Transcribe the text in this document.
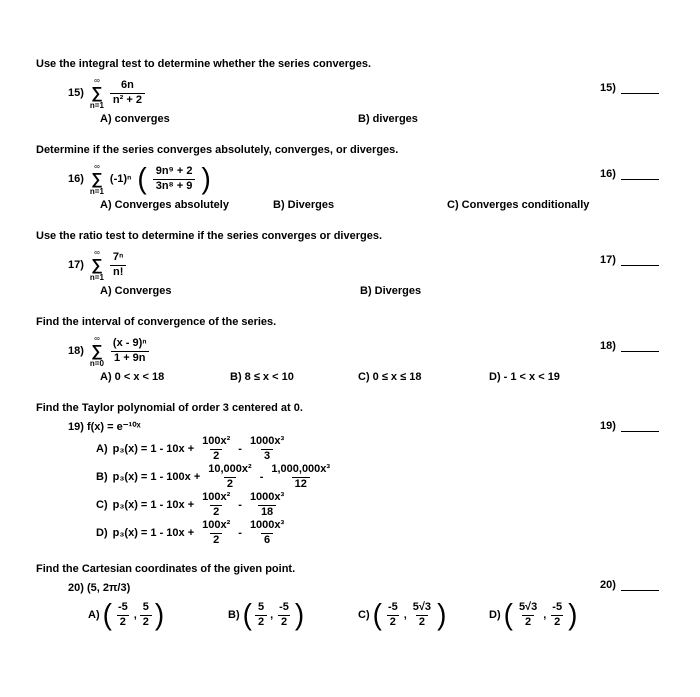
Use the integral test to determine whether the series converges.
15)
∞
∑
$n=1 \frac{6n}{\text{n² + 2}}$
A) converges	B) diverges
15)
Determine if the series converges absolutely, converges, or diverges.
16)
∞
∑
n=1
(-1)ⁿ ( $\frac{\text{9n⁹ + 2}}{\text{3n⁸ + 9}}$ )
A) Converges absolutely	B) Diverges	C) Converges conditionally
16)
Use the ratio test to determine if the series converges or diverges.
17)
∞
∑
$n=1 \frac{\text{7ⁿ}}{n!}$
A) Converges	B) Diverges
17)
Find the interval of convergence of the series.
18)
∞
∑
$n=0 \frac{\text{(x - 9)ⁿ}}{1 + 9n}$
A) 0 < x < 18	B) 8 ≤ x < 10	C) 0 ≤ x ≤ 18	D) - 1 < x < 19
18)
Find the Taylor polynomial of order 3 centered at 0.
19) f(x) = e⁻¹⁰ˣ
A) $p_3(x) = 1 - 10x + \frac{\text{100x²}}{2} - \frac{\text{1000x³}}{3}$
B) $p_3(x) = 1 - 100x + \frac{\text{10,000x²}}{2} - \frac{\text{1,000,000x³}}{12}$
C) $p_3(x) = 1 - 10x + \frac{\text{100x²}}{2} - \frac{\text{1000x³}}{18}$
D) $p_3(x) = 1 - 10x + \frac{\text{100x²}}{2} - \frac{\text{1000x³}}{6}$
19)
Find the Cartesian coordinates of the given point.
20) (5, 2π/3)
A) ( $\frac{-5}{2}$ , $\frac{5}{2}$ )	B) ( $\frac{5}{2}$ , $\frac{-5}{2}$ )	C) ( $\frac{-5}{2}$ , $\frac{5√3}{2}$ )	D) ( $\frac{5√3}{2}$ , $\frac{-5}{2}$ )
20)
